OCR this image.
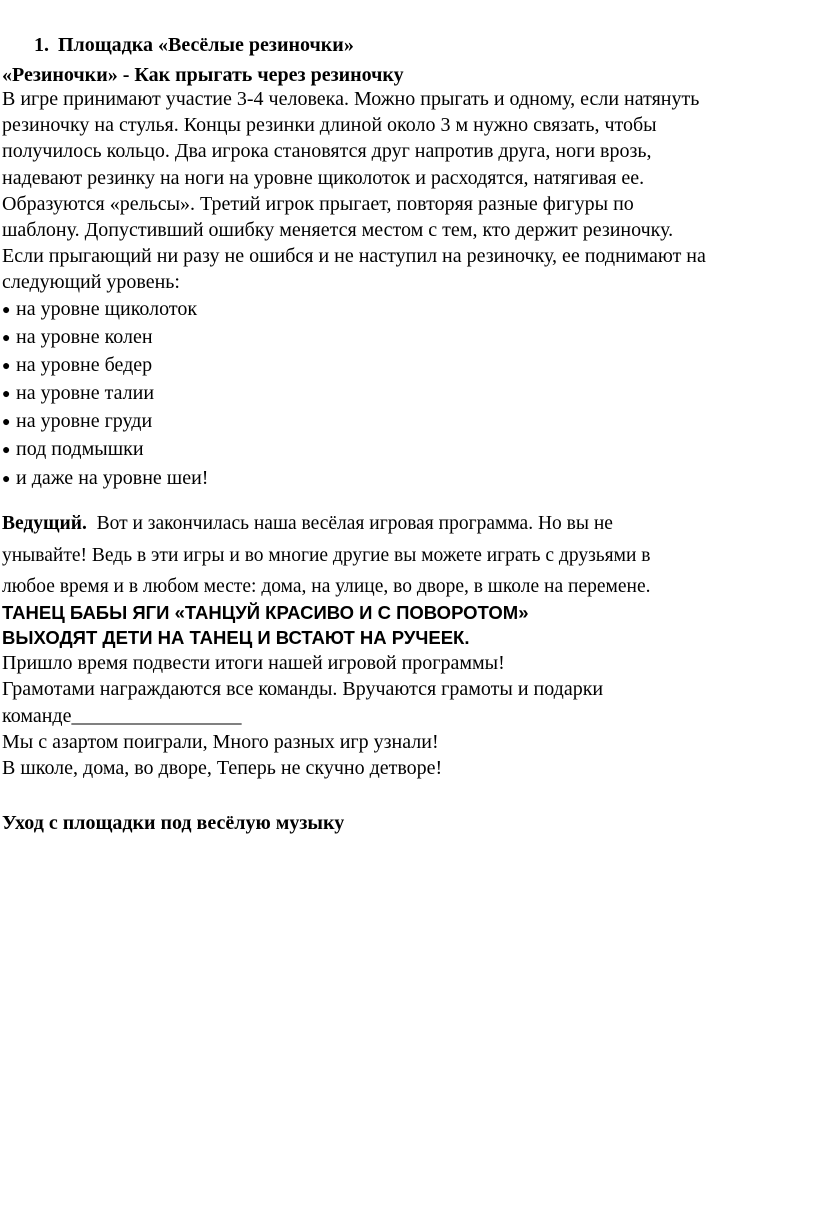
1. Площадка «Весёлые резиночки»
«Резиночки» - Как прыгать через резиночку
В игре принимают участие 3-4 человека. Можно прыгать и одному, если натянуть
резиночку на стулья. Концы резинки длиной около 3 м нужно связать, чтобы
получилось кольцо. Два игрока становятся друг напротив друга, ноги врозь,
надевают резинку на ноги на уровне щиколоток и расходятся, натягивая ее.
Образуются «рельсы». Третий игрок прыгает, повторяя разные фигуры по
шаблону. Допустивший ошибку меняется местом с тем, кто держит резиночку.
Если прыгающий ни разу не ошибся и не наступил на резиночку, ее поднимают на
следующий уровень:
● на уровне щиколоток
● на уровне колен
● на уровне бедер
● на уровне талии
● на уровне груди
● под подмышки
● и даже на уровне шеи!
Ведущий. Вот и закончилась наша весёлая игровая программа. Но вы не
унывайте! Ведь в эти игры и во многие другие вы можете играть с друзьями в
любое время и в любом месте: дома, на улице, во дворе, в школе на перемене.
ТАНЕЦ БАБЫ ЯГИ «ТАНЦУЙ КРАСИВО И С ПОВОРОТОМ»
ВЫХОДЯТ ДЕТИ НА ТАНЕЦ И ВСТАЮТ НА РУЧЕЕК.
Пришло время подвести итоги нашей игровой программы!
Грамотами награждаются все команды. Вручаются грамоты и подарки
команде_________________
Мы с азартом поиграли, Много разных игр узнали!
В школе, дома, во дворе, Теперь не скучно детворе!
Уход с площадки под весёлую музыку
